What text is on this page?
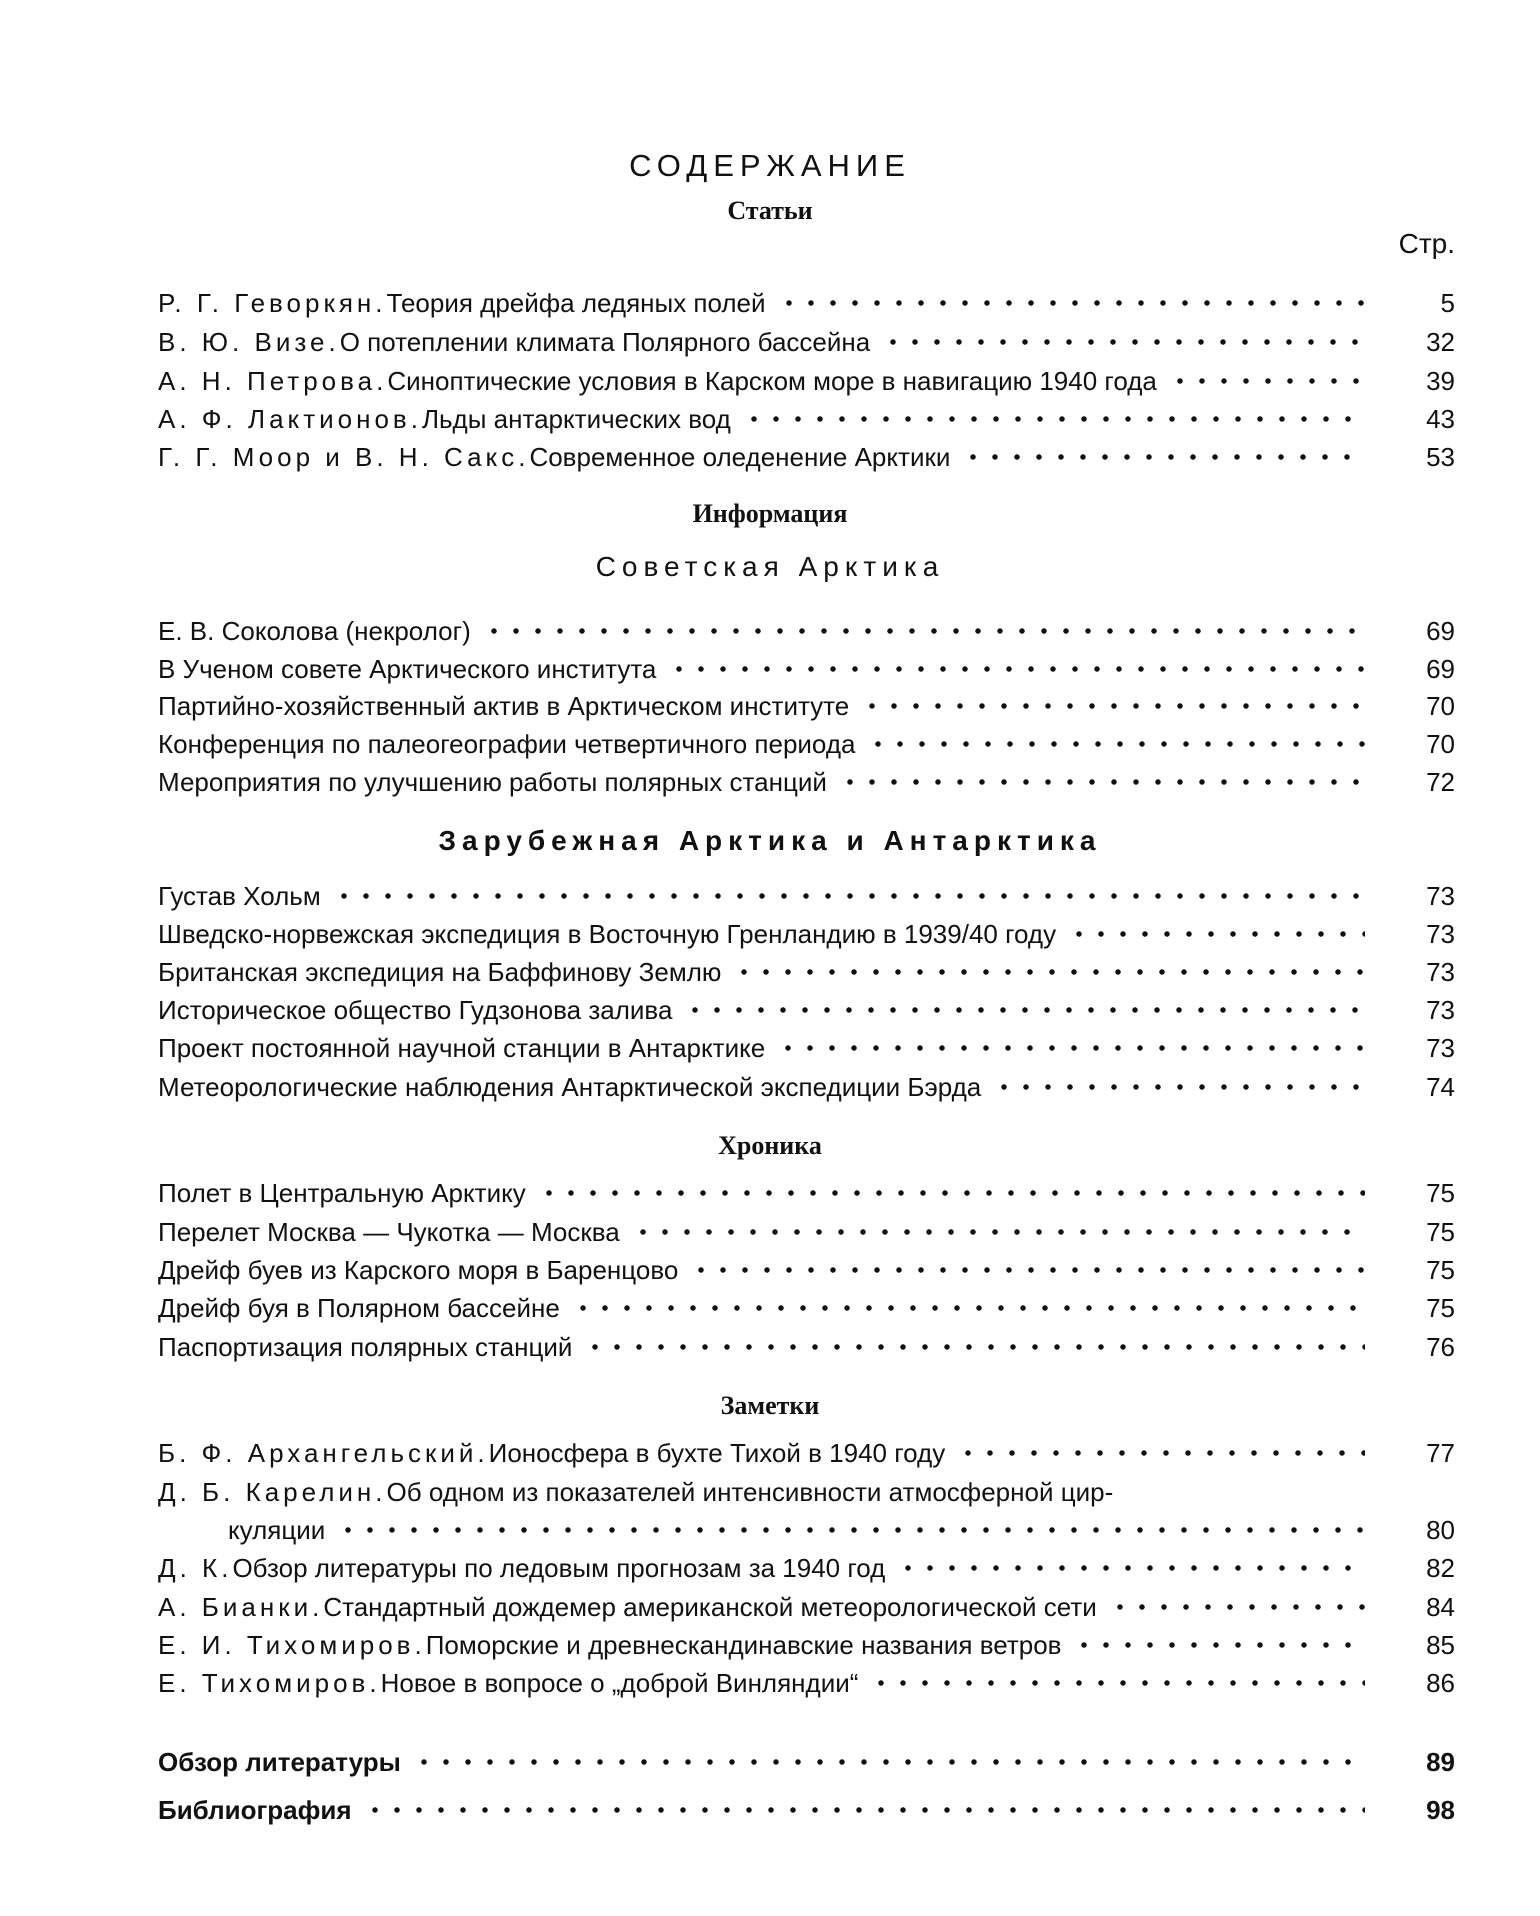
СОДЕРЖАНИЕ
Статьи
Стр.
Р. Г. Геворкян. Теория дрейфа ледяных полей	5
В. Ю. Визе. О потеплении климата Полярного бассейна	32
А. Н. Петрова. Синоптические условия в Карском море в навигацию 1940 года	39
А. Ф. Лактионов. Льды антарктических вод	43
Г. Г. Моор и В. Н. Сакс. Современное оледенение Арктики	53
Е. В. Соколова (некролог)	69
В Ученом совете Арктического института	69
Партийно-хозяйственный актив в Арктическом институте	70
Конференция по палеогеографии четвертичного периода	70
Мероприятия по улучшению работы полярных станций	72
Густав Хольм	73
Шведско-норвежская экспедиция в Восточную Гренландию в 1939/40 году	73
Британская экспедиция на Баффинову Землю	73
Историческое общество Гудзонова залива	73
Проект постоянной научной станции в Антарктике	73
Метеорологические наблюдения Антарктической экспедиции Бэрда	74
Полет в Центральную Арктику	75
Перелет Москва — Чукотка — Москва	75
Дрейф буев из Карского моря в Баренцово	75
Дрейф буя в Полярном бассейне	75
Паспортизация полярных станций	76
Б. Ф. Архангельский. Ионосфера в бухте Тихой в 1940 году	77
Д. Б. Карелин. Об одном из показателей интенсивности атмосферной цир-
куляции	80
Д. К. Обзор литературы по ледовым прогнозам за 1940 год	82
А. Бианки. Стандартный дождемер американской метеорологической сети	84
Е. И. Тихомиров. Поморские и древнескандинавские названия ветров	85
Е. Тихомиров. Новое в вопросе о „доброй Винляндии“	86
Обзор литературы	89
Библиография	98
Информация
Советская Арктика
Зарубежная Арктика и Антарктика
Хроника
Заметки
